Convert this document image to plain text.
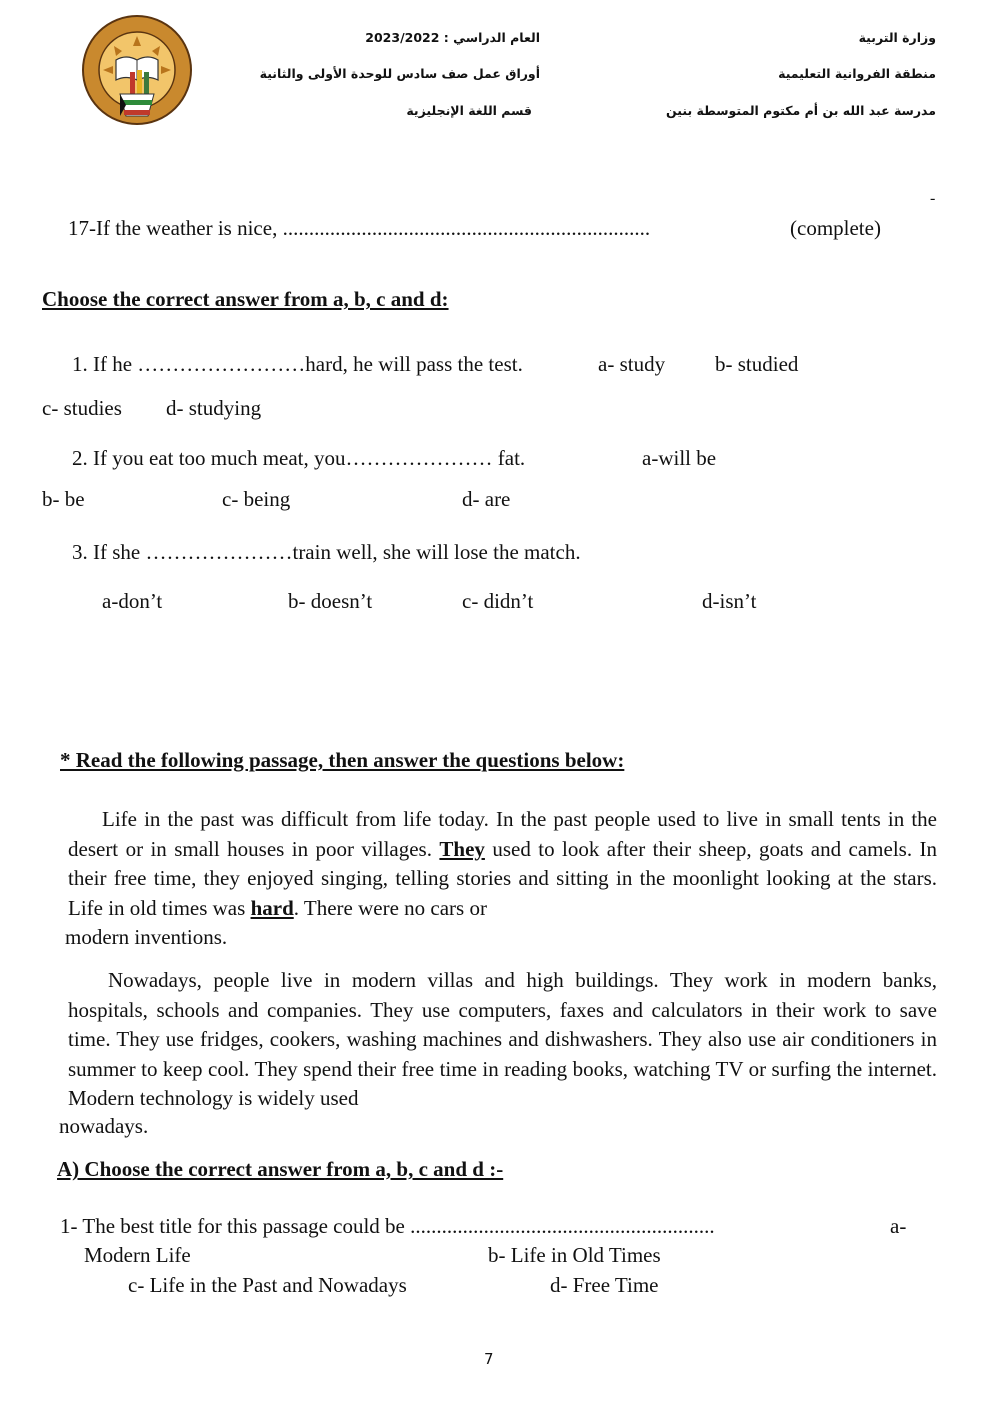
وزارة التربية
منطقة الفروانية التعليمية
مدرسة عبد الله بن أم مكتوم المتوسطة بنين
العام الدراسي : 2023/2022
أوراق عمل صف سادس للوحدة الأولى والثانية
قسم اللغة الإنجليزية
-
17-If the weather is nice, ......................................................................	(complete)
Choose the correct answer from a, b, c and d:
1. If he ……………………hard, he will pass the test.	a- study b- studied
c- studies d- studying
2. If you eat too much meat, you………………… fat.	a-will be
b- be	c- being	d- are
3. If she …………………train well, she will lose the match.
a-don’t	b- doesn’t	c- didn’t	d-isn’t
* Read the following passage, then answer the questions below:
Life in the past was difficult from life today. In the past people used to live in small tents in the desert or in small houses in poor villages. They used to look after their sheep, goats and camels. In their free time, they enjoyed singing, telling stories and sitting in the moonlight looking at the stars. Life in old times was hard. There were no cars or
modern inventions.
Nowadays, people live in modern villas and high buildings. They work in modern banks, hospitals, schools and companies. They use computers, faxes and calculators in their work to save time. They use fridges, cookers, washing machines and dishwashers. They also use air conditioners in summer to keep cool. They spend their free time in reading books, watching TV or surfing the internet. Modern technology is widely used
nowadays.
A) Choose the correct answer from a, b, c and d :-
1- The best title for this passage could be ..........................................................	a-
Modern Life	b- Life in Old Times
c- Life in the Past and Nowadays	d- Free Time
7
